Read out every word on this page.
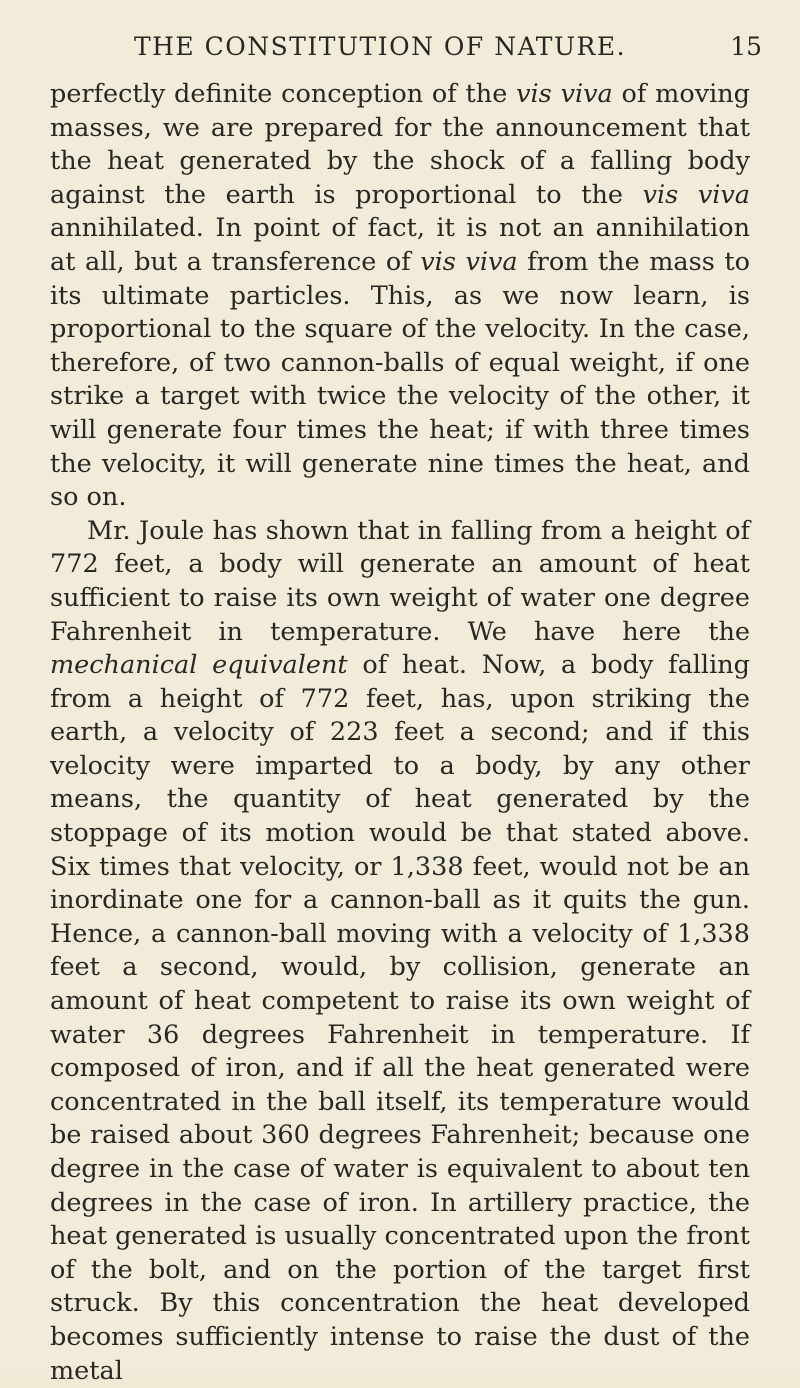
THE CONSTITUTION OF NATURE.	15

perfectly definite conception of the vis viva of moving masses, we are prepared for the announcement that the heat generated by the shock of a falling body against the earth is proportional to the vis viva annihilated. In point of fact, it is not an annihilation at all, but a transference of vis viva from the mass to its ultimate particles. This, as we now learn, is proportional to the square of the velocity. In the case, therefore, of two cannon-balls of equal weight, if one strike a target with twice the velocity of the other, it will generate four times the heat; if with three times the velocity, it will generate nine times the heat, and so on.

Mr. Joule has shown that in falling from a height of 772 feet, a body will generate an amount of heat sufficient to raise its own weight of water one degree Fahrenheit in temperature. We have here the mechanical equivalent of heat. Now, a body falling from a height of 772 feet, has, upon striking the earth, a velocity of 223 feet a second; and if this velocity were imparted to a body, by any other means, the quantity of heat generated by the stoppage of its motion would be that stated above. Six times that velocity, or 1,338 feet, would not be an inordinate one for a cannon-ball as it quits the gun. Hence, a cannon-ball moving with a velocity of 1,338 feet a second, would, by collision, generate an amount of heat competent to raise its own weight of water 36 degrees Fahrenheit in temperature. If composed of iron, and if all the heat generated were concentrated in the ball itself, its temperature would be raised about 360 degrees Fahrenheit; because one degree in the case of water is equivalent to about ten degrees in the case of iron. In artillery practice, the heat generated is usually concentrated upon the front of the bolt, and on the portion of the target first struck. By this concentration the heat developed becomes sufficiently intense to raise the dust of the metal
